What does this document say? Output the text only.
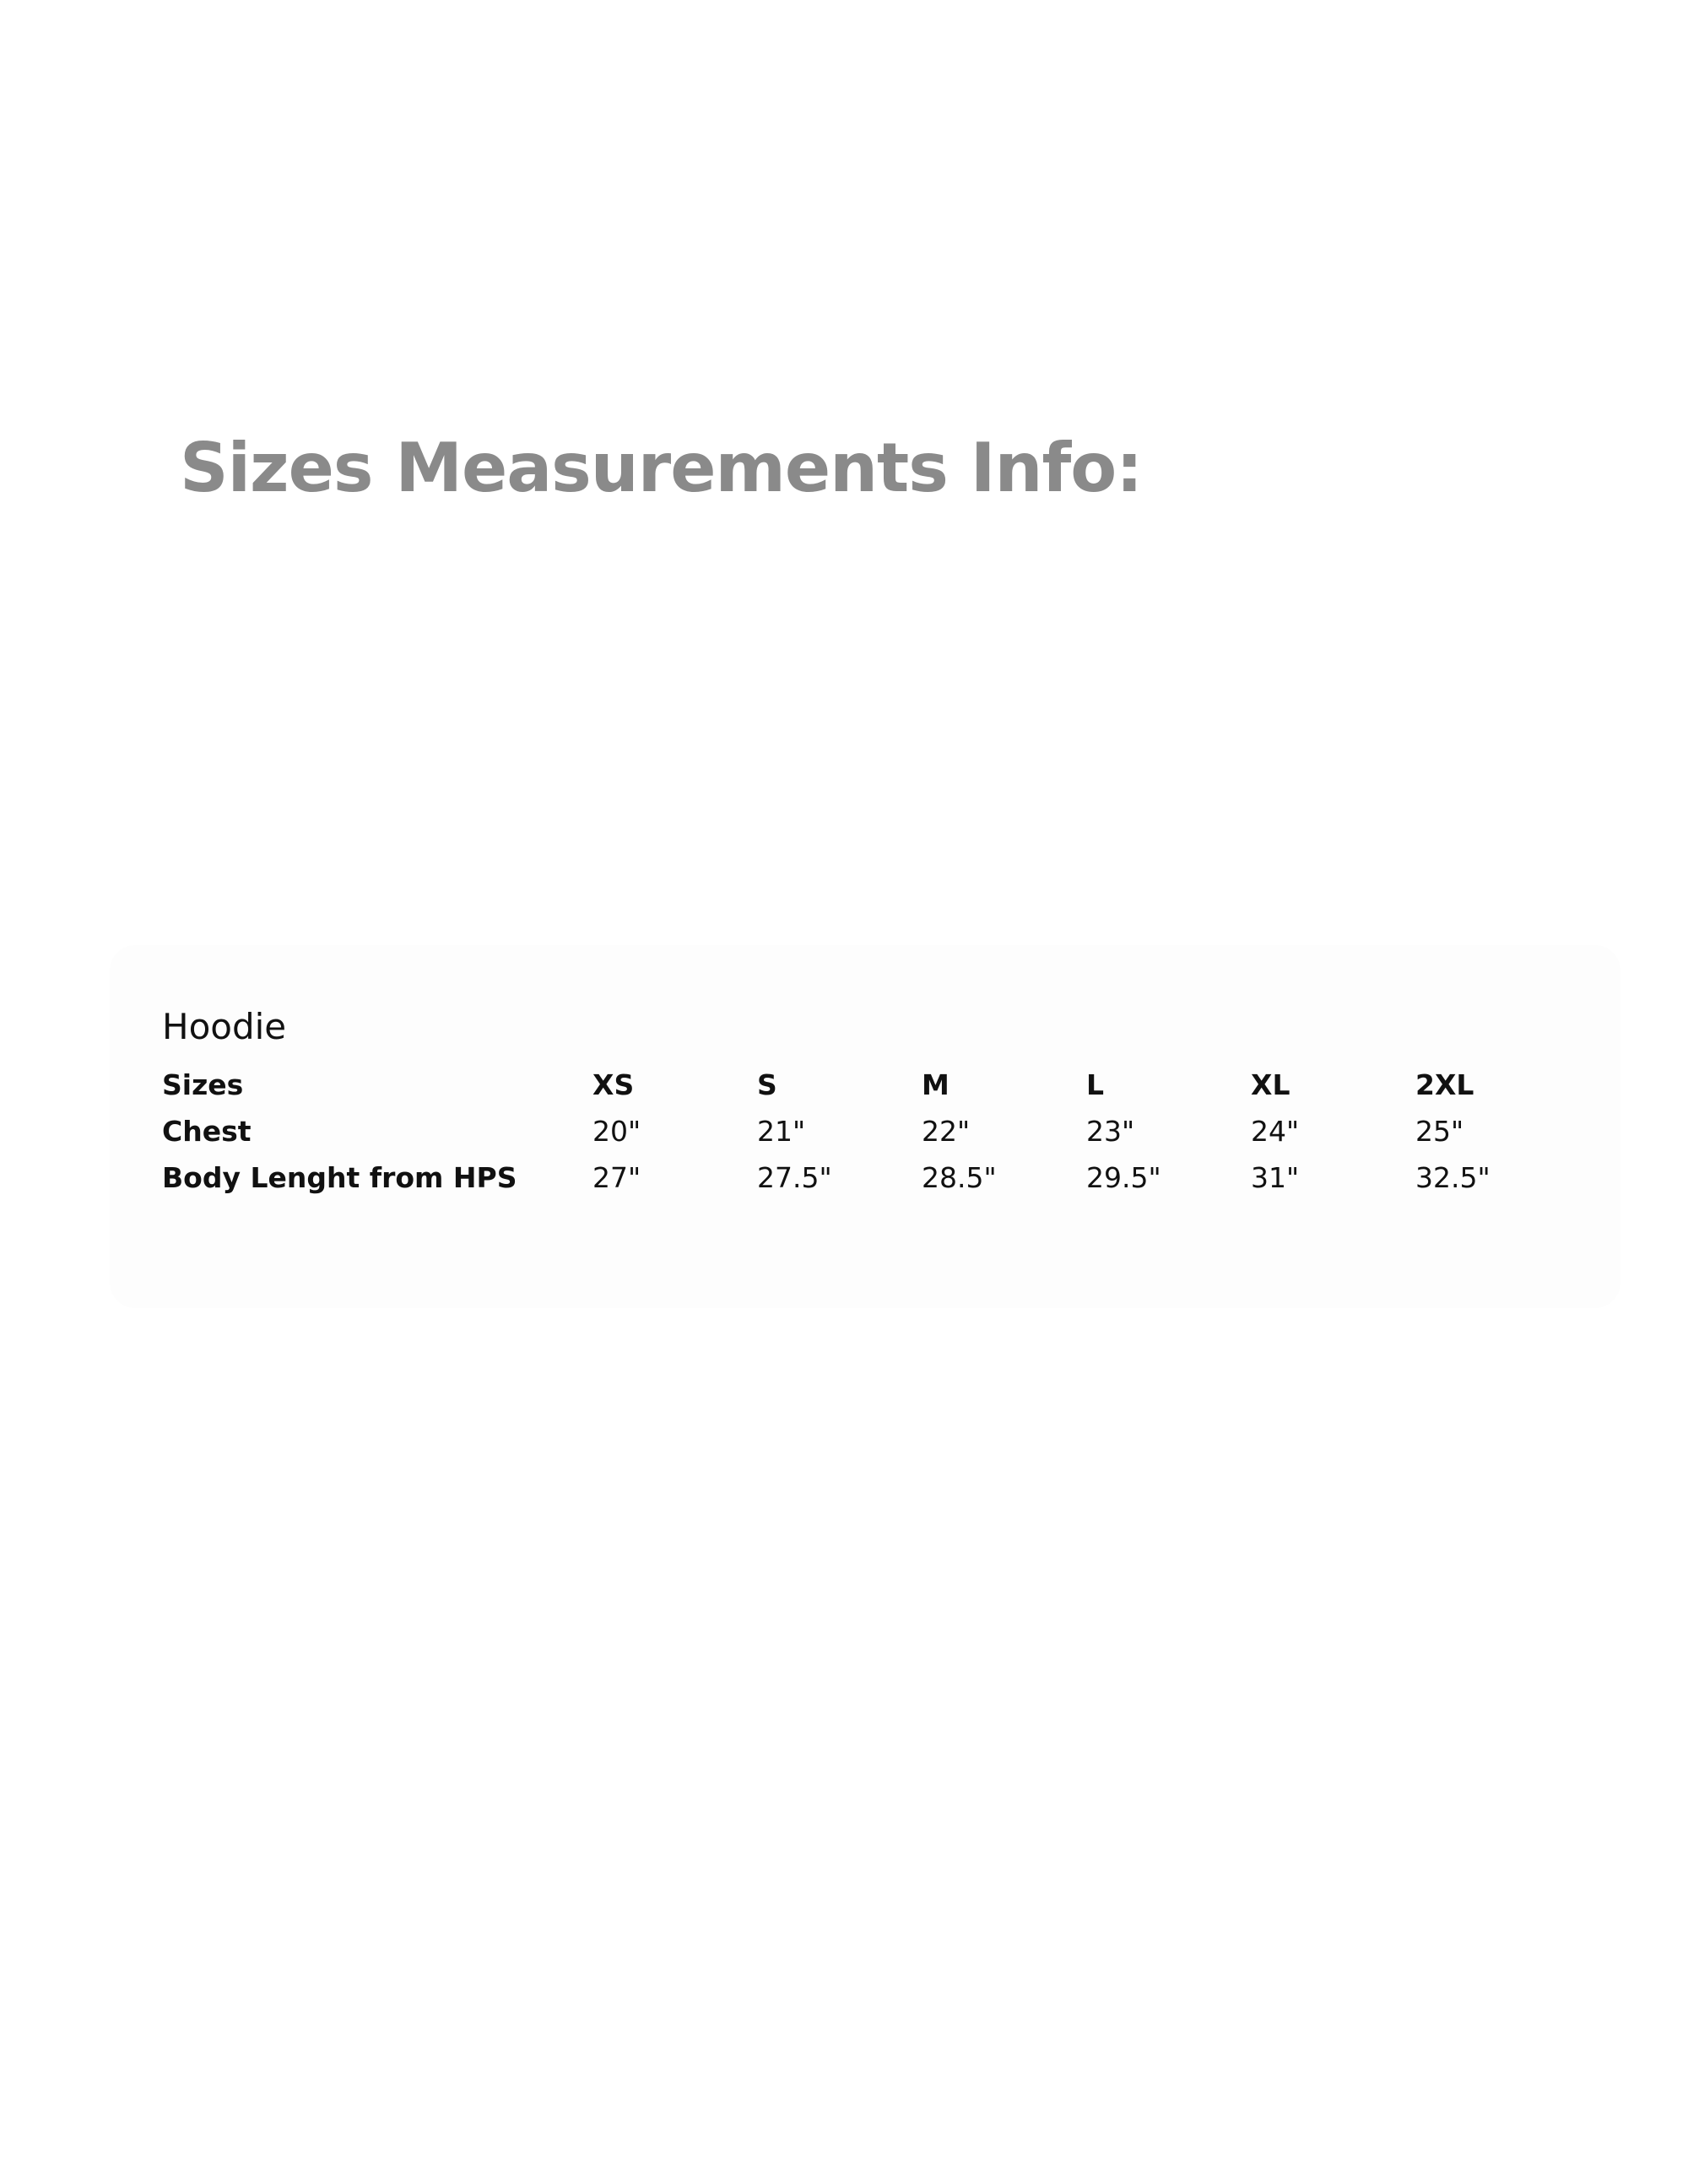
Sizes Measurements Info:
Hoodie
Sizes	XS	S	M	L	XL	2XL
Chest	20"	21"	22"	23"	24"	25"
Body Lenght from HPS	27"	27.5"	28.5"	29.5"	31"	32.5"
